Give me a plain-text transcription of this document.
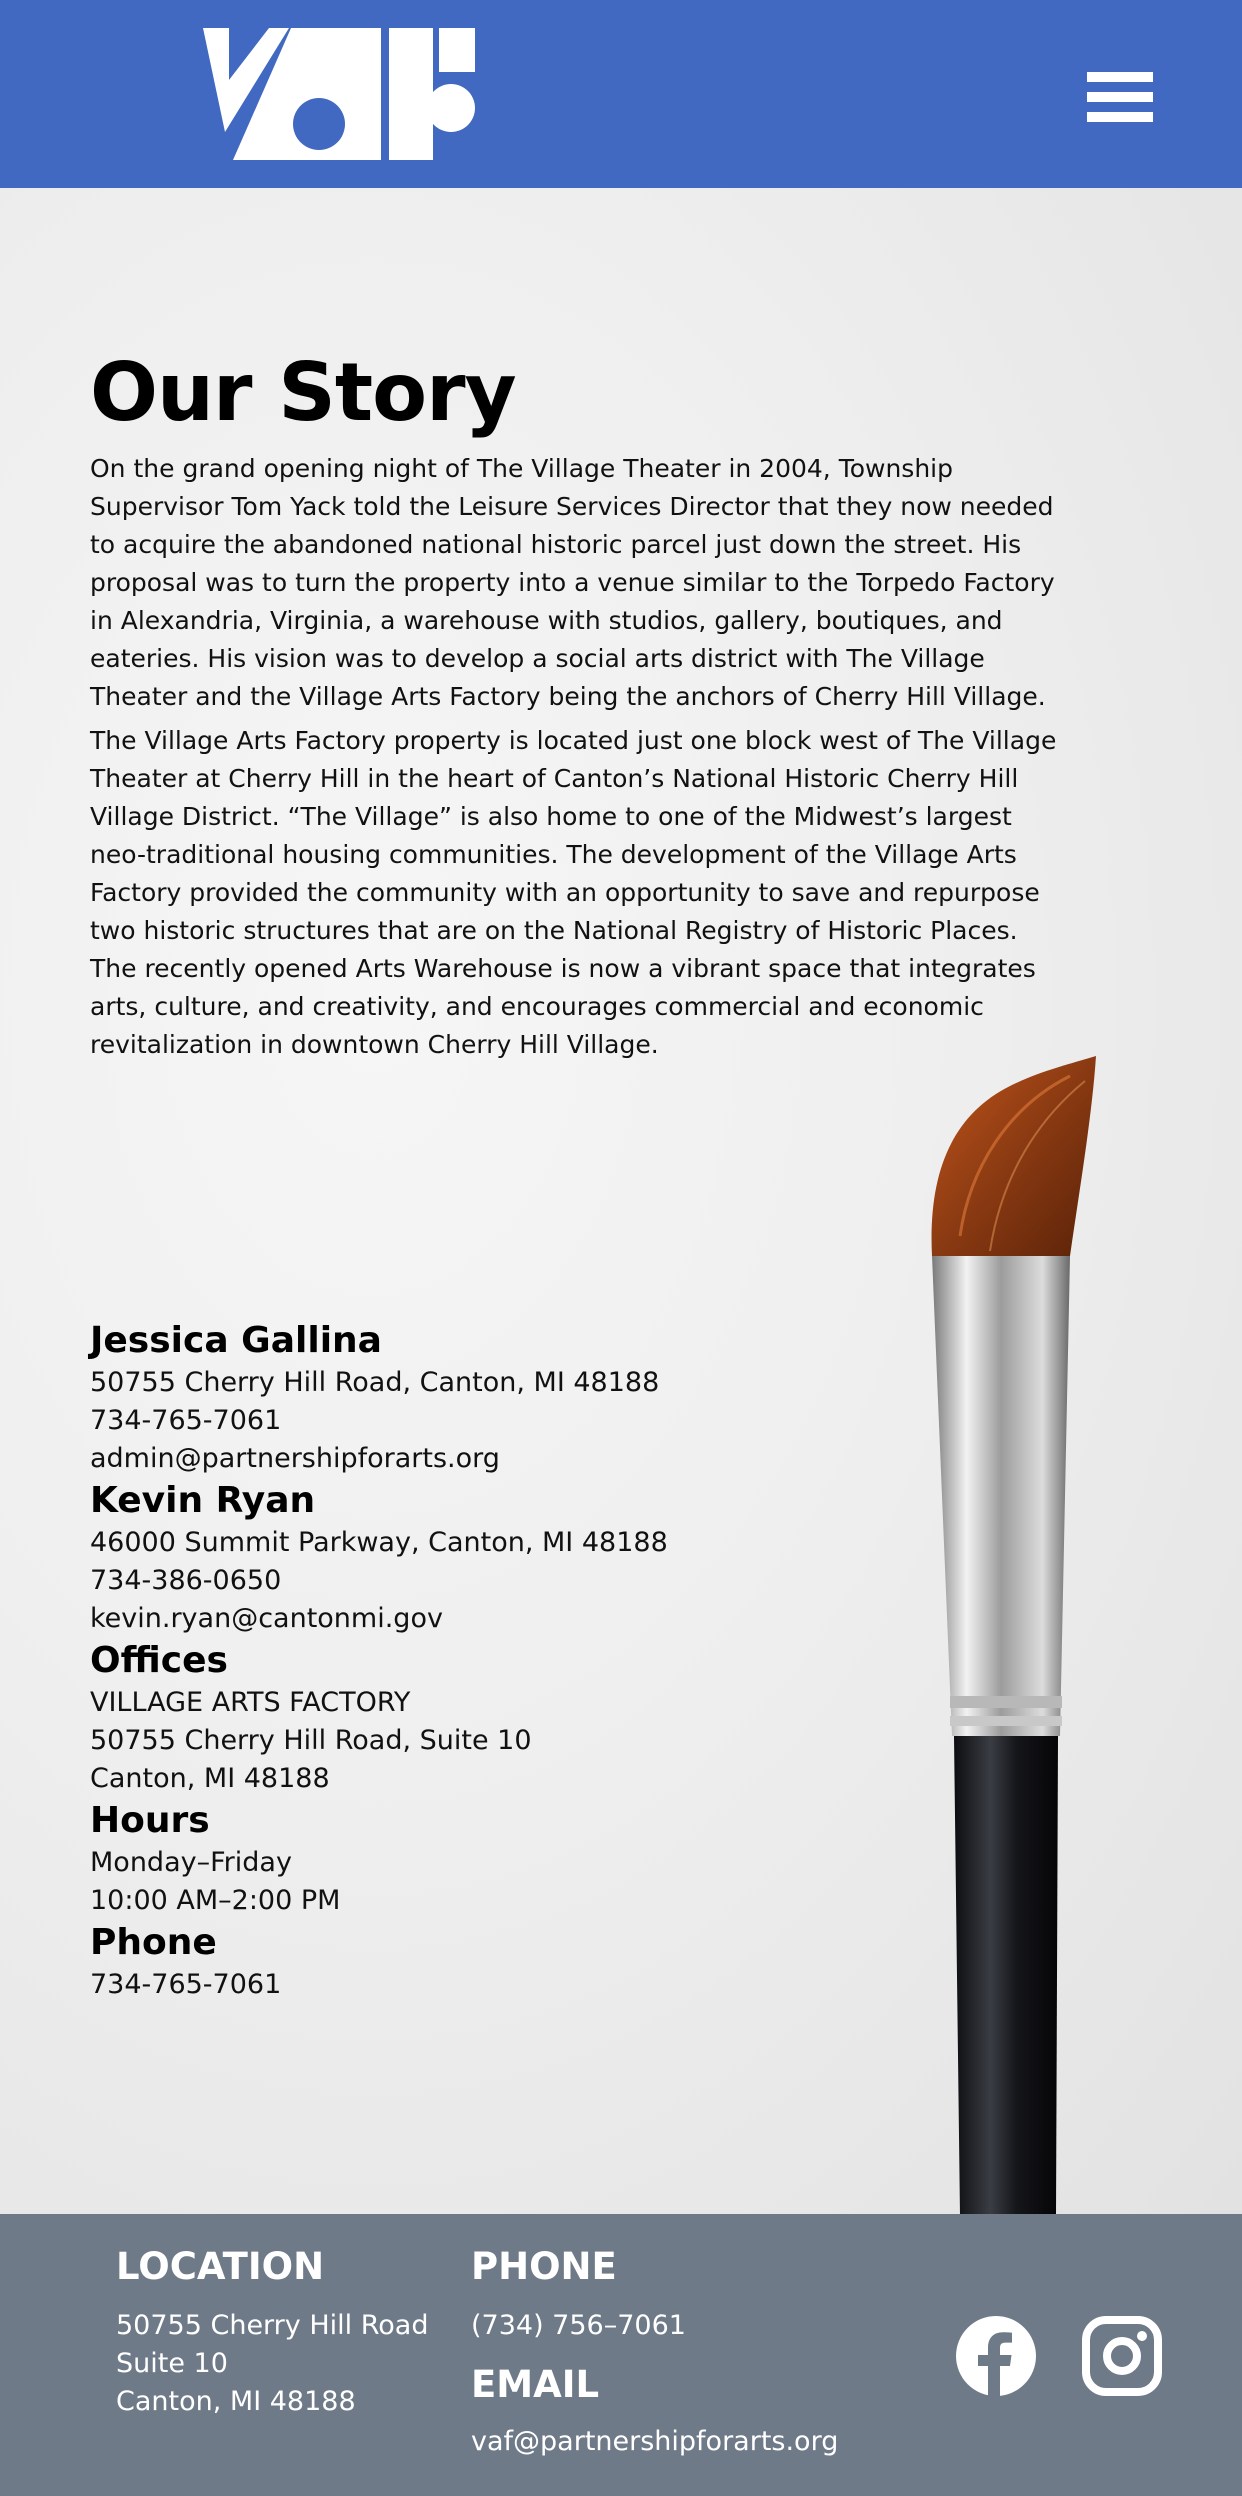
Our Story

On the grand opening night of The Village Theater in 2004, Township Supervisor Tom Yack told the Leisure Services Director that they now needed to acquire the abandoned national historic parcel just down the street. His proposal was to turn the property into a venue similar to the Torpedo Factory in Alexandria, Virginia, a warehouse with studios, gallery, boutiques, and eateries. His vision was to develop a social arts district with The Village Theater and the Village Arts Factory being the anchors of Cherry Hill Village.

The Village Arts Factory property is located just one block west of The Village Theater at Cherry Hill in the heart of Canton’s National Historic Cherry Hill Village District. “The Village” is also home to one of the Midwest’s largest neo-traditional housing communities. The development of the Village Arts Factory provided the community with an opportunity to save and repurpose two historic structures that are on the National Registry of Historic Places. The recently opened Arts Warehouse is now a vibrant space that integrates arts, culture, and creativity, and encourages commercial and economic revitalization in downtown Cherry Hill Village.

Jessica Gallina
50755 Cherry Hill Road, Canton, MI 48188
734-765-7061
admin@partnershipforarts.org
Kevin Ryan
46000 Summit Parkway, Canton, MI 48188
734-386-0650
kevin.ryan@cantonmi.gov
Offices
VILLAGE ARTS FACTORY
50755 Cherry Hill Road, Suite 10
Canton, MI 48188
Hours
Monday–Friday
10:00 AM–2:00 PM
Phone
734-765-7061
LOCATION
50755 Cherry Hill Road
Suite 10
Canton, MI 48188
PHONE
(734) 756–7061
EMAIL
vaf@partnershipforarts.org
